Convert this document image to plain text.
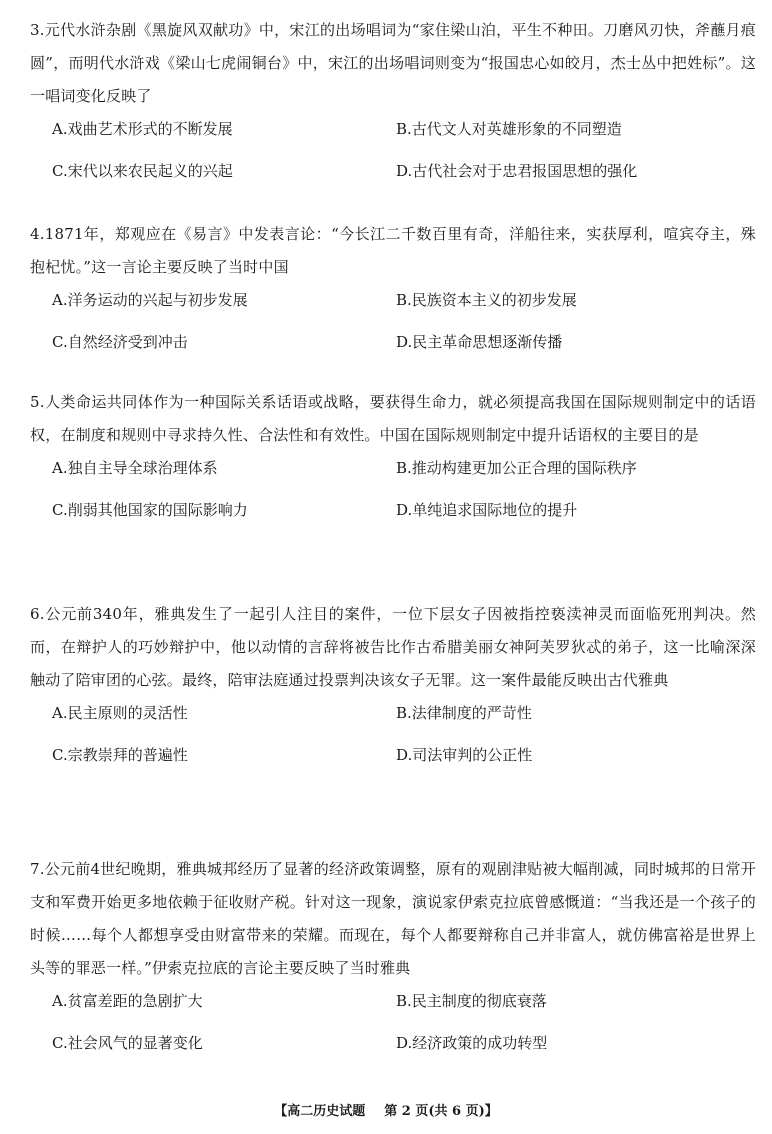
3.元代水浒杂剧《黑旋风双献功》中，宋江的出场唱词为“家住梁山泊，平生不种田。刀磨风刃快，斧蘸月痕圆”，而明代水浒戏《梁山七虎闹铜台》中，宋江的出场唱词则变为“报国忠心如皎月，杰士丛中把姓标”。这一唱词变化反映了

A.戏曲艺术形式的不断发展	B.古代文人对英雄形象的不同塑造
C.宋代以来农民起义的兴起	D.古代社会对于忠君报国思想的强化

4.1871年，郑观应在《易言》中发表言论：“今长江二千数百里有奇，洋船往来，实获厚利，喧宾夺主，殊抱杞忧。”这一言论主要反映了当时中国

A.洋务运动的兴起与初步发展	B.民族资本主义的初步发展
C.自然经济受到冲击	D.民主革命思想逐渐传播

5.人类命运共同体作为一种国际关系话语或战略，要获得生命力，就必须提高我国在国际规则制定中的话语权，在制度和规则中寻求持久性、合法性和有效性。中国在国际规则制定中提升话语权的主要目的是

A.独自主导全球治理体系	B.推动构建更加公正合理的国际秩序
C.削弱其他国家的国际影响力	D.单纯追求国际地位的提升

6.公元前340年，雅典发生了一起引人注目的案件，一位下层女子因被指控亵渎神灵而面临死刑判决。然而，在辩护人的巧妙辩护中，他以动情的言辞将被告比作古希腊美丽女神阿芙罗狄忒的弟子，这一比喻深深触动了陪审团的心弦。最终，陪审法庭通过投票判决该女子无罪。这一案件最能反映出古代雅典

A.民主原则的灵活性	B.法律制度的严苛性
C.宗教崇拜的普遍性	D.司法审判的公正性

7.公元前4世纪晚期，雅典城邦经历了显著的经济政策调整，原有的观剧津贴被大幅削减，同时城邦的日常开支和军费开始更多地依赖于征收财产税。针对这一现象，演说家伊索克拉底曾感慨道：“当我还是一个孩子的时候……每个人都想享受由财富带来的荣耀。而现在，每个人都要辩称自己并非富人，就仿佛富裕是世界上头等的罪恶一样。”伊索克拉底的言论主要反映了当时雅典

A.贫富差距的急剧扩大	B.民主制度的彻底衰落
C.社会风气的显著变化	D.经济政策的成功转型
【高二历史试题 第 2 页(共 6 页)】
